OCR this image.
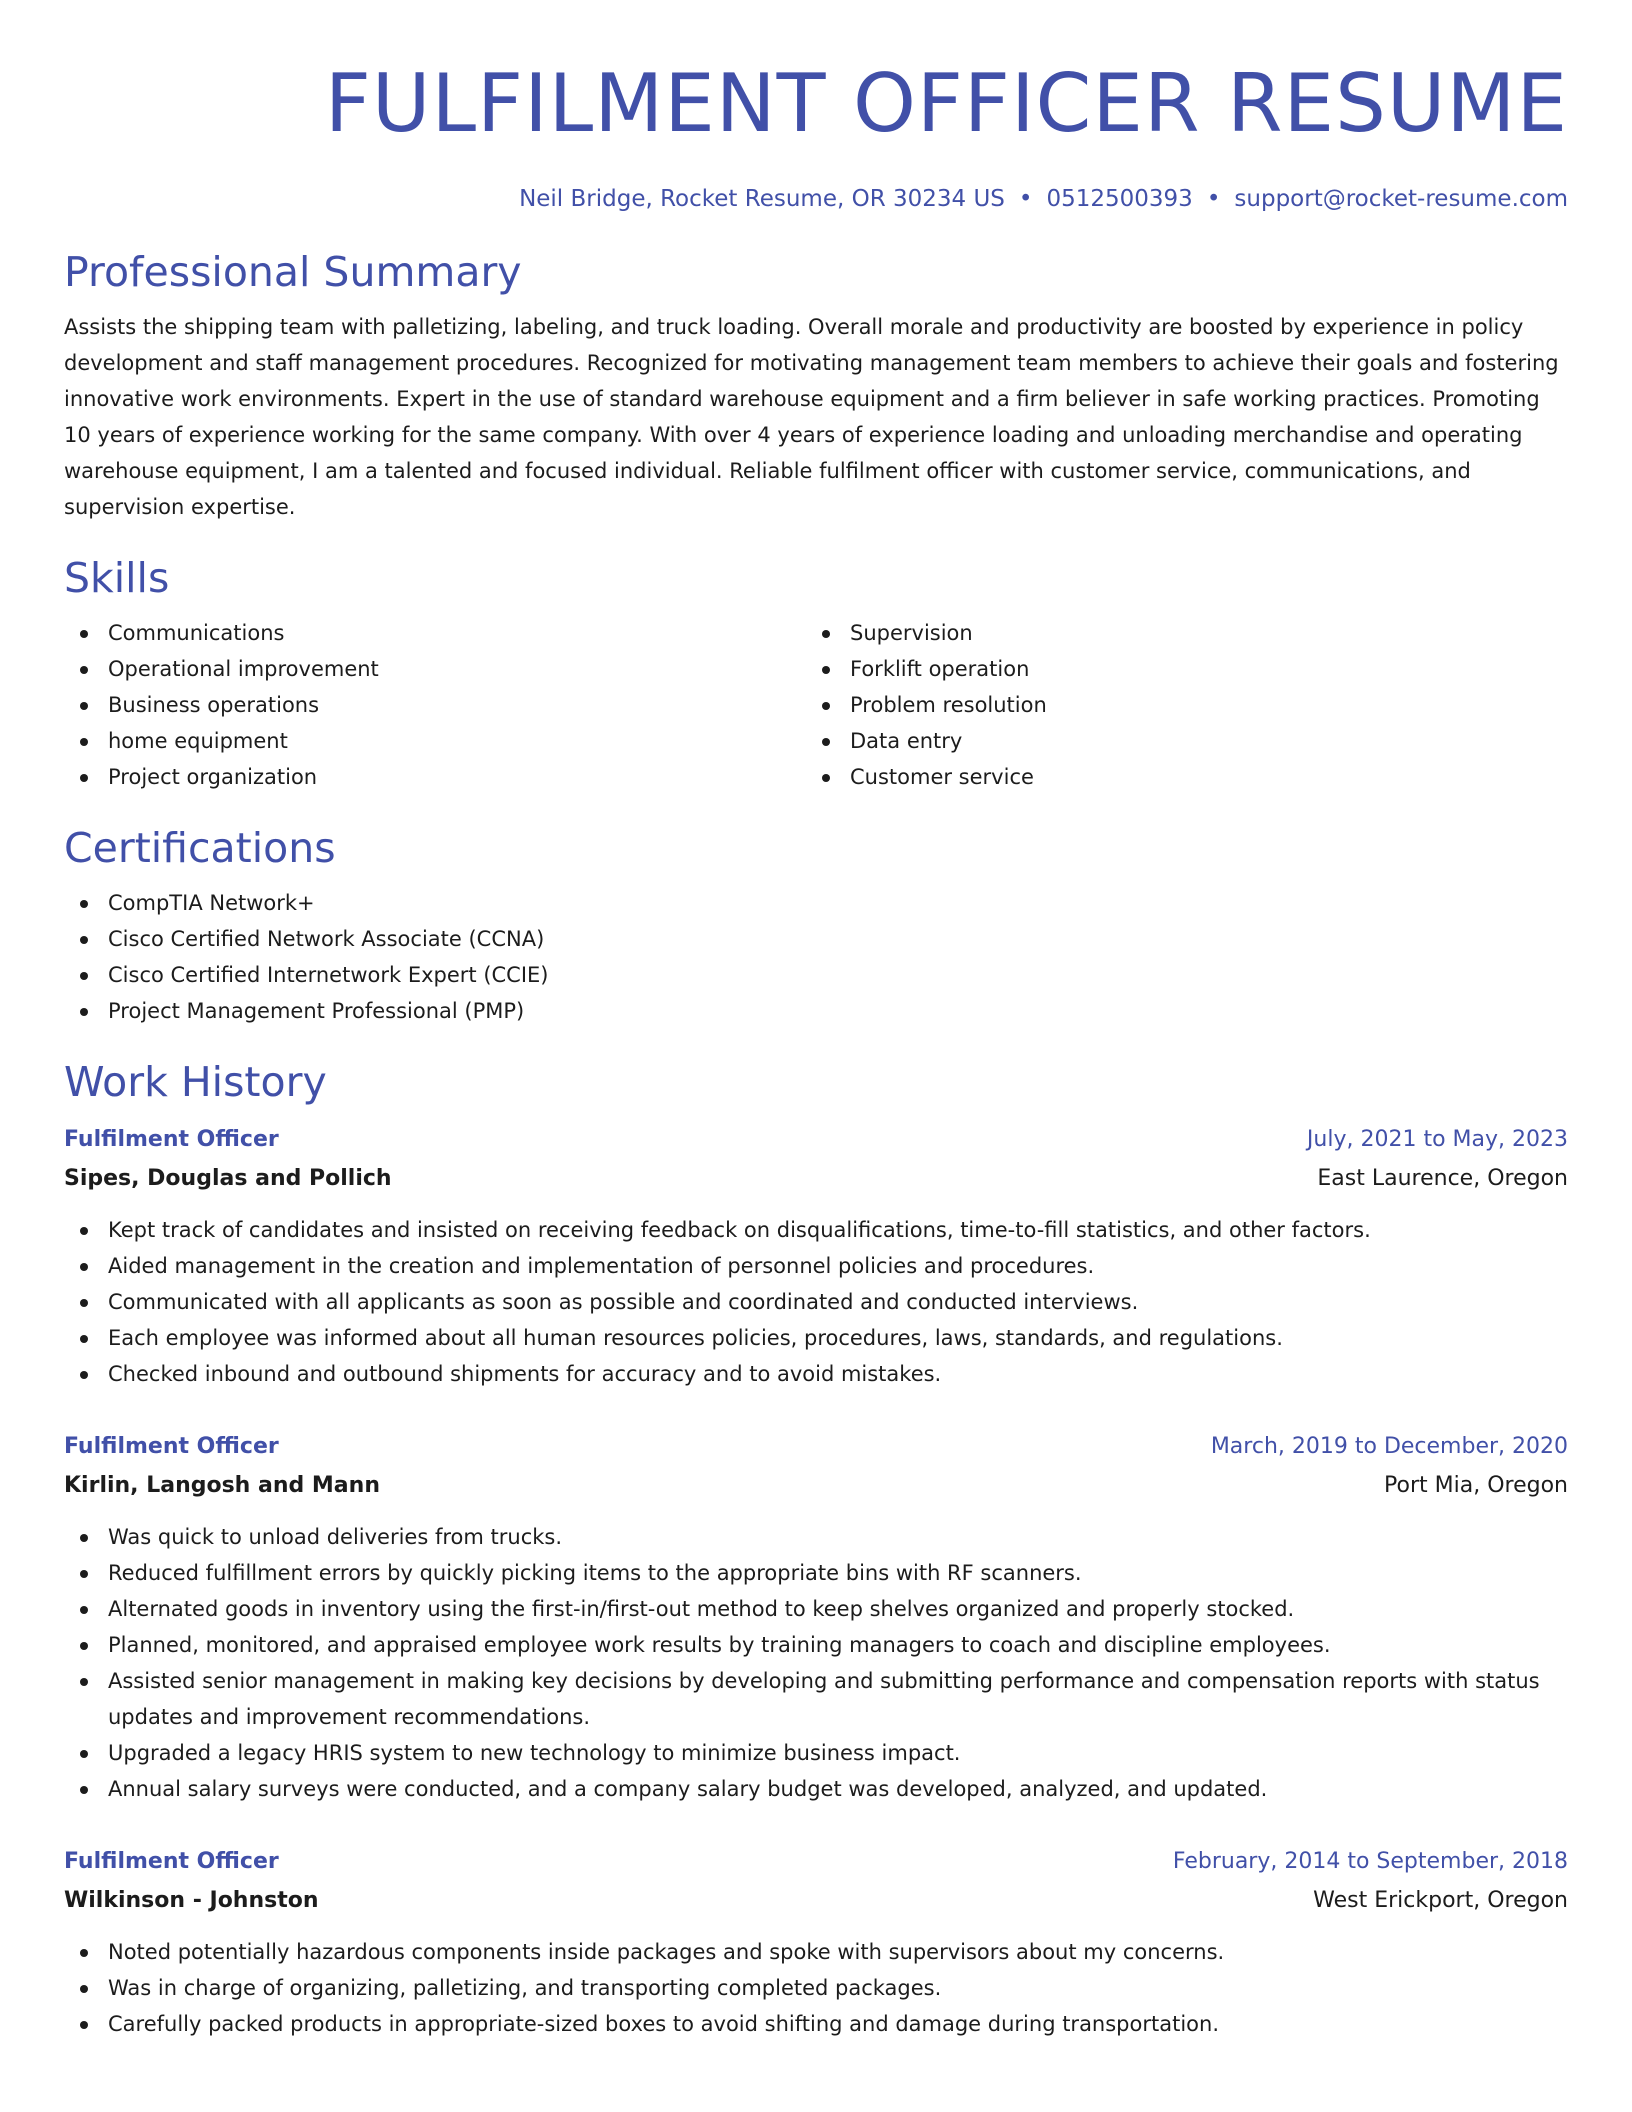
FULFILMENT OFFICER RESUME
Neil Bridge, Rocket Resume, OR 30234 US • 0512500393 • support@rocket-resume.com
Professional Summary

Assists the shipping team with palletizing, labeling, and truck loading. Overall morale and productivity are boosted by experience in policy development and staff management procedures. Recognized for motivating management team members to achieve their goals and fostering innovative work environments. Expert in the use of standard warehouse equipment and a firm believer in safe working practices. Promoting 10 years of experience working for the same company. With over 4 years of experience loading and unloading merchandise and operating warehouse equipment, I am a talented and focused individual. Reliable fulfilment officer with customer service, communications, and supervision expertise.

Skills
Communications
Operational improvement
Business operations
home equipment
Project organization
Supervision
Forklift operation
Problem resolution
Data entry
Customer service
Certifications
CompTIA Network+
Cisco Certified Network Associate (CCNA)
Cisco Certified Internetwork Expert (CCIE)
Project Management Professional (PMP)
Work History
Fulfilment Officer	July, 2021 to May, 2023
Sipes, Douglas and Pollich	East Laurence, Oregon
Kept track of candidates and insisted on receiving feedback on disqualifications, time-to-fill statistics, and other factors.
Aided management in the creation and implementation of personnel policies and procedures.
Communicated with all applicants as soon as possible and coordinated and conducted interviews.
Each employee was informed about all human resources policies, procedures, laws, standards, and regulations.
Checked inbound and outbound shipments for accuracy and to avoid mistakes.
Fulfilment Officer	March, 2019 to December, 2020
Kirlin, Langosh and Mann	Port Mia, Oregon
Was quick to unload deliveries from trucks.
Reduced fulfillment errors by quickly picking items to the appropriate bins with RF scanners.
Alternated goods in inventory using the first-in/first-out method to keep shelves organized and properly stocked.
Planned, monitored, and appraised employee work results by training managers to coach and discipline employees.
Assisted senior management in making key decisions by developing and submitting performance and compensation reports with status updates and improvement recommendations.
Upgraded a legacy HRIS system to new technology to minimize business impact.
Annual salary surveys were conducted, and a company salary budget was developed, analyzed, and updated.
Fulfilment Officer	February, 2014 to September, 2018
Wilkinson - Johnston	West Erickport, Oregon
Noted potentially hazardous components inside packages and spoke with supervisors about my concerns.
Was in charge of organizing, palletizing, and transporting completed packages.
Carefully packed products in appropriate-sized boxes to avoid shifting and damage during transportation.
